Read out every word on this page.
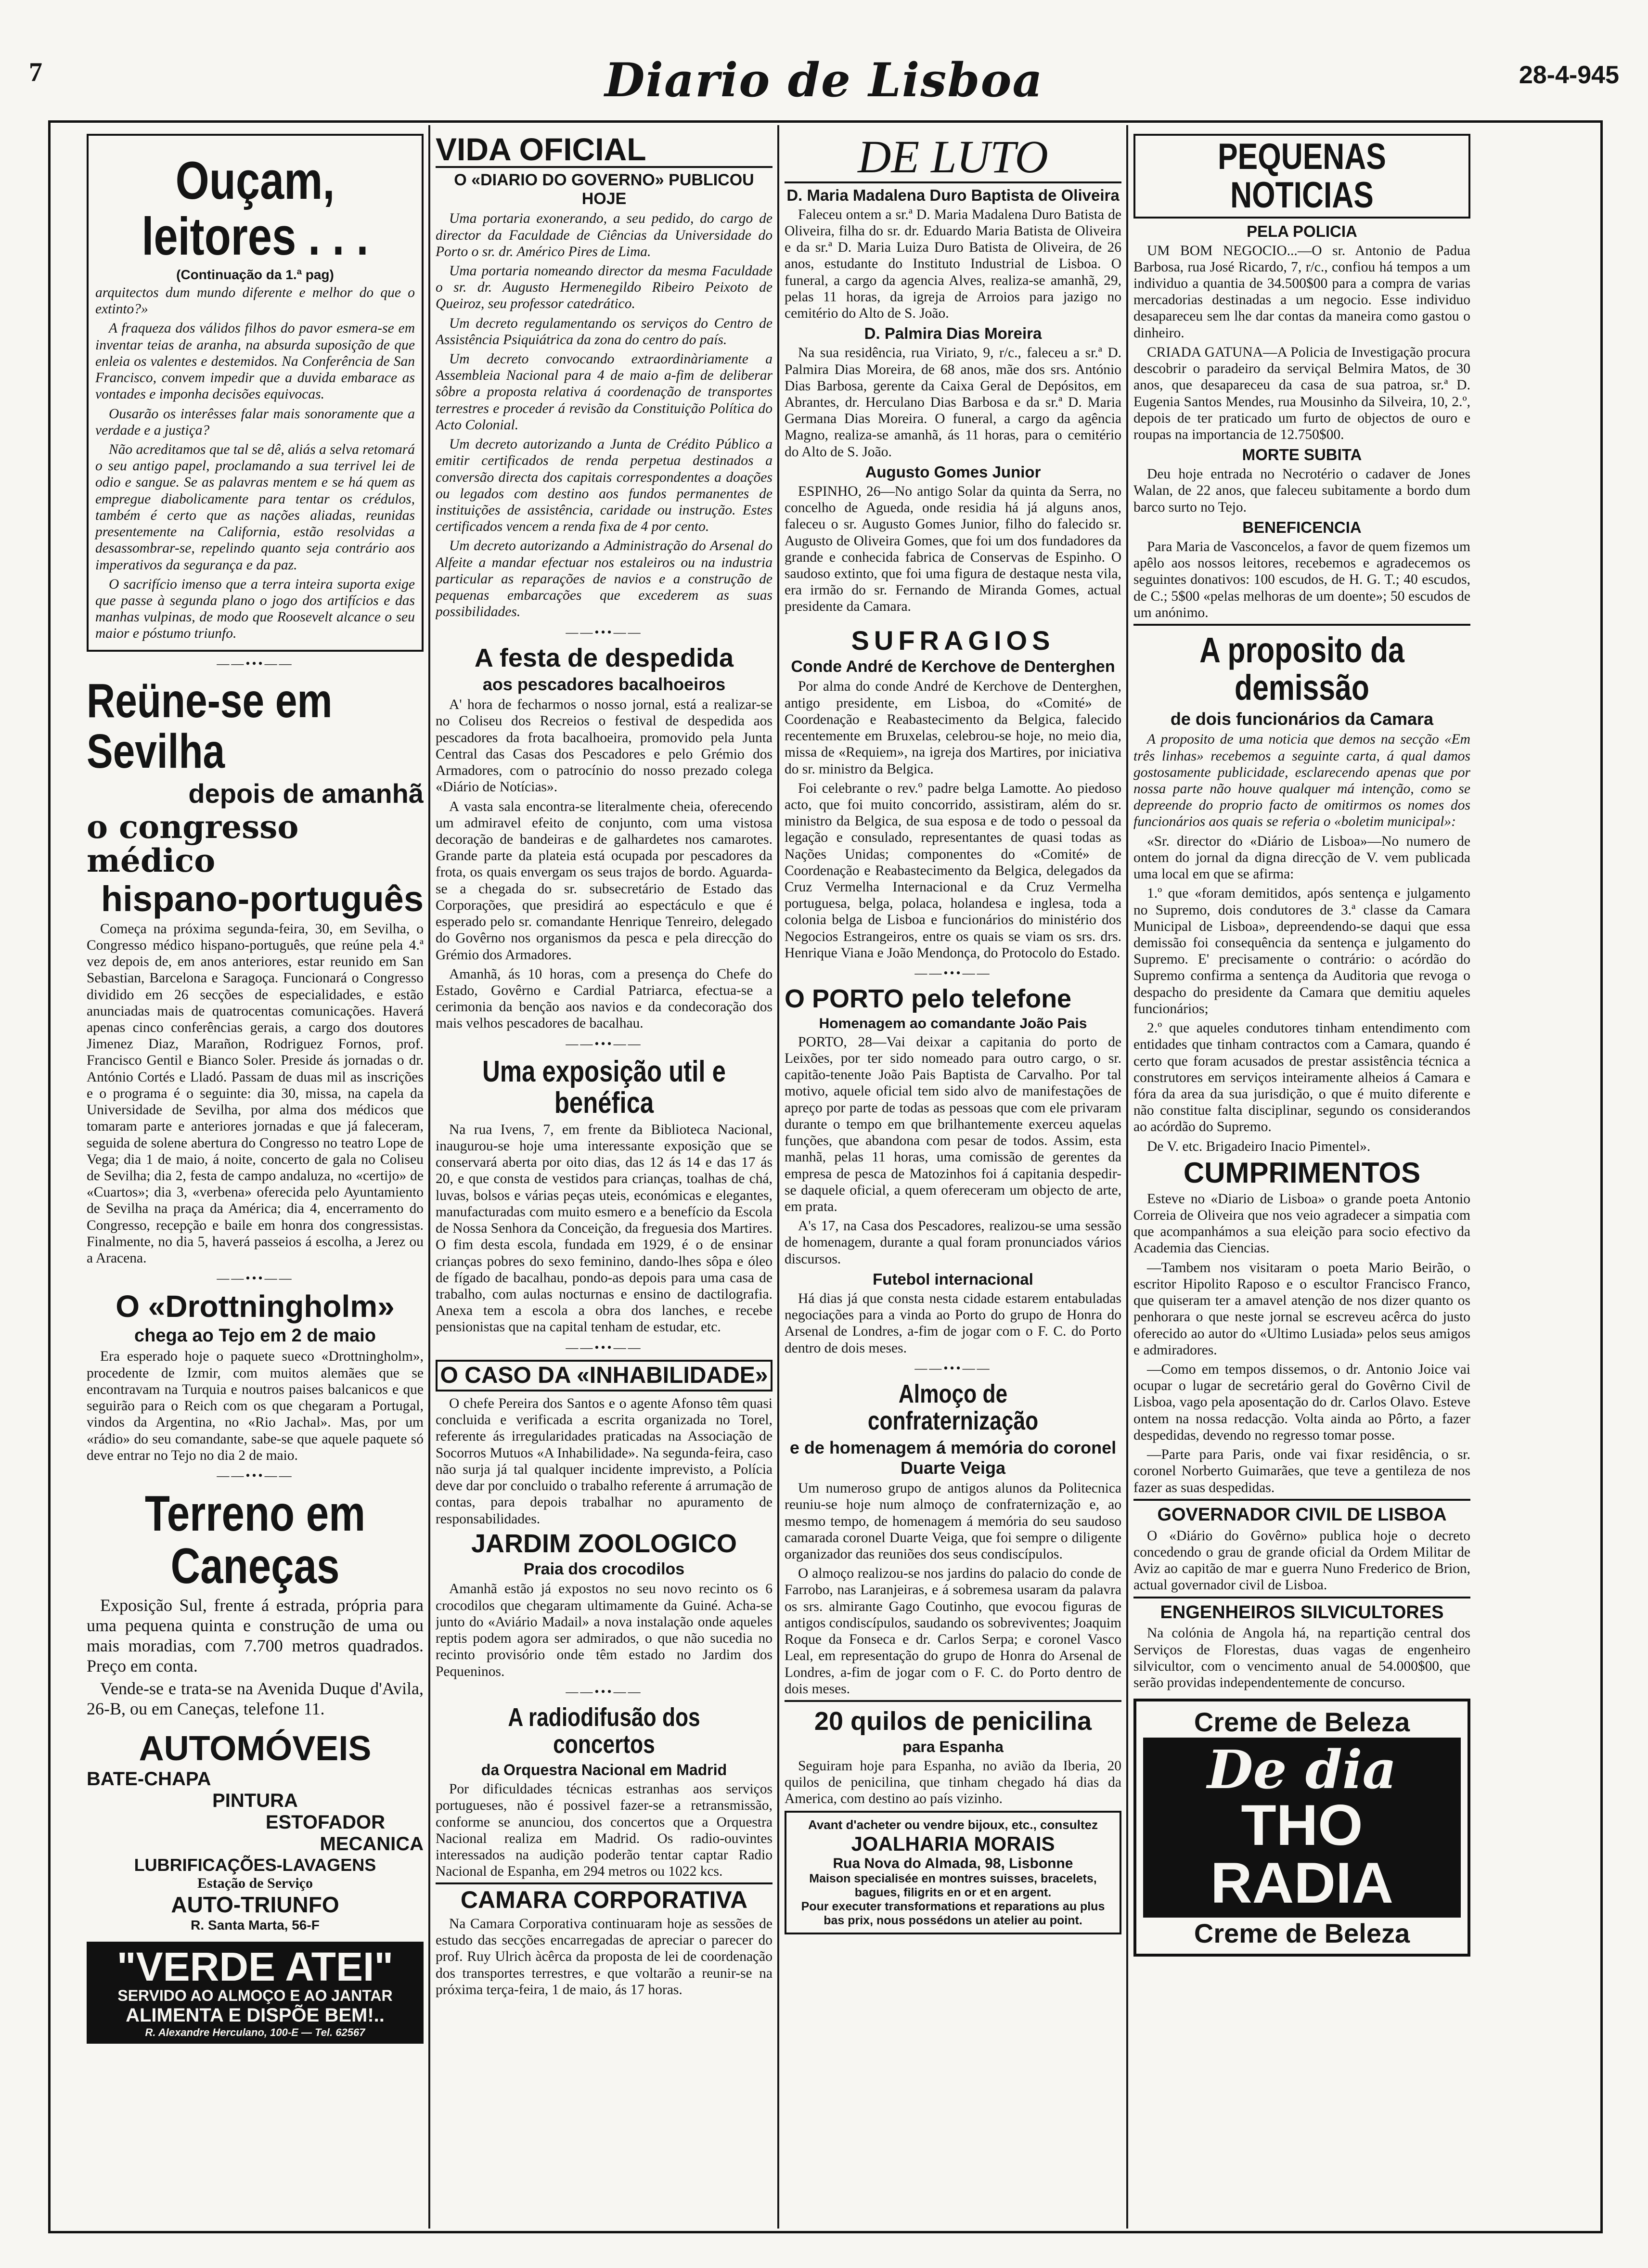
7	Diario de Lisboa	28-4-945
Ouçam, leitores . . .
(Continuação da 1.ª pag)

arquitectos dum mundo diferente e melhor do que o extinto?»

A fraqueza dos válidos filhos do pavor esmera-se em inventar teias de aranha, na absurda suposição de que enleia os valentes e destemidos. Na Conferência de San Francisco, convem impedir que a duvida embarace as vontades e imponha decisões equivocas.

Ousarão os interêsses falar mais sonoramente que a verdade e a justiça?

Não acreditamos que tal se dê, aliás a selva retomará o seu antigo papel, proclamando a sua terrivel lei de odio e sangue. Se as palavras mentem e se há quem as empregue diabolicamente para tentar os crédulos, também é certo que as nações aliadas, reunidas presentemente na California, estão resolvidas a desassombrar-se, repelindo quanto seja contrário aos imperativos da segurança e da paz.

O sacrifício imenso que a terra inteira suporta exige que passe à segunda plano o jogo dos artifícios e das manhas vulpinas, de modo que Roosevelt alcance o seu maior e póstumo triunfo.

——•••——
Reüne-se em Sevilha
depois de amanhã
o congresso médico
hispano-português

Começa na próxima segunda-feira, 30, em Sevilha, o Congresso médico hispano-português, que reúne pela 4.ª vez depois de, em anos anteriores, estar reunido em San Sebastian, Barcelona e Saragoça. Funcionará o Congresso dividido em 26 secções de especialidades, e estão anunciadas mais de quatrocentas comunicações. Haverá apenas cinco conferências gerais, a cargo dos doutores Jimenez Diaz, Marañon, Rodriguez Fornos, prof. Francisco Gentil e Bianco Soler. Preside ás jornadas o dr. António Cortés e Lladó. Passam de duas mil as inscrições e o programa é o seguinte: dia 30, missa, na capela da Universidade de Sevilha, por alma dos médicos que tomaram parte e anteriores jornadas e que já faleceram, seguida de solene abertura do Congresso no teatro Lope de Vega; dia 1 de maio, á noite, concerto de gala no Coliseu de Sevilha; dia 2, festa de campo andaluza, no «certijo» de «Cuartos»; dia 3, «verbena» oferecida pelo Ayuntamiento de Sevilha na praça da América; dia 4, encerramento do Congresso, recepção e baile em honra dos congressistas. Finalmente, no dia 5, haverá passeios á escolha, a Jerez ou a Aracena.

——•••——
O «Drottningholm»
chega ao Tejo em 2 de maio

Era esperado hoje o paquete sueco «Drottningholm», procedente de Izmir, com muitos alemães que se encontravam na Turquia e noutros paises balcanicos e que seguirão para o Reich com os que chegaram a Portugal, vindos da Argentina, no «Rio Jachal». Mas, por um «rádio» do seu comandante, sabe-se que aquele paquete só deve entrar no Tejo no dia 2 de maio.

——•••——
Terreno em Caneças

Exposição Sul, frente á estrada, própria para uma pequena quinta e construção de uma ou mais moradias, com 7.700 metros quadrados. Preço em conta.

Vende-se e trata-se na Avenida Duque d'Avila, 26-B, ou em Caneças, telefone 11.

AUTOMÓVEIS
BATE-CHAPA
PINTURA
ESTOFADOR
MECANICA
LUBRIFICAÇÕES-LAVAGENS
Estação de Serviço
AUTO-TRIUNFO
R. Santa Marta, 56-F
"VERDE ATEI"
SERVIDO AO ALMOÇO E AO JANTAR
ALIMENTA E DISPÕE BEM!..
R. Alexandre Herculano, 100-E — Tel. 62567
VIDA OFICIAL
O «DIARIO DO GOVERNO» PUBLICOU HOJE

Uma portaria exonerando, a seu pedido, do cargo de director da Faculdade de Ciências da Universidade do Porto o sr. dr. Américo Pires de Lima.

Uma portaria nomeando director da mesma Faculdade o sr. dr. Augusto Hermenegildo Ribeiro Peixoto de Queiroz, seu professor catedrático.

Um decreto regulamentando os serviços do Centro de Assistência Psiquiátrica da zona do centro do país.

Um decreto convocando extraordinàriamente a Assembleia Nacional para 4 de maio a-fim de deliberar sôbre a proposta relativa á coordenação de transportes terrestres e proceder á revisão da Constituição Política do Acto Colonial.

Um decreto autorizando a Junta de Crédito Público a emitir certificados de renda perpetua destinados a conversão directa dos capitais correspondentes a doações ou legados com destino aos fundos permanentes de instituições de assistência, caridade ou instrução. Estes certificados vencem a renda fixa de 4 por cento.

Um decreto autorizando a Administração do Arsenal do Alfeite a mandar efectuar nos estaleiros ou na industria particular as reparações de navios e a construção de pequenas embarcações que excederem as suas possibilidades.

——•••——
A festa de despedida
aos pescadores bacalhoeiros

A' hora de fecharmos o nosso jornal, está a realizar-se no Coliseu dos Recreios o festival de despedida aos pescadores da frota bacalhoeira, promovido pela Junta Central das Casas dos Pescadores e pelo Grémio dos Armadores, com o patrocínio do nosso prezado colega «Diário de Notícias».

A vasta sala encontra-se literalmente cheia, oferecendo um admiravel efeito de conjunto, com uma vistosa decoração de bandeiras e de galhardetes nos camarotes. Grande parte da plateia está ocupada por pescadores da frota, os quais envergam os seus trajos de bordo. Aguarda-se a chegada do sr. subsecretário de Estado das Corporações, que presidirá ao espectáculo e que é esperado pelo sr. comandante Henrique Tenreiro, delegado do Govêrno nos organismos da pesca e pela direcção do Grémio dos Armadores.

Amanhã, ás 10 horas, com a presença do Chefe do Estado, Govêrno e Cardial Patriarca, efectua-se a cerimonia da benção aos navios e da condecoração dos mais velhos pescadores de bacalhau.

——•••——
Uma exposição util e benéfica

Na rua Ivens, 7, em frente da Biblioteca Nacional, inaugurou-se hoje uma interessante exposição que se conservará aberta por oito dias, das 12 ás 14 e das 17 ás 20, e que consta de vestidos para crianças, toalhas de chá, luvas, bolsos e várias peças uteis, económicas e elegantes, manufacturadas com muito esmero e a benefício da Escola de Nossa Senhora da Conceição, da freguesia dos Martires. O fim desta escola, fundada em 1929, é o de ensinar crianças pobres do sexo feminino, dando-lhes sôpa e óleo de fígado de bacalhau, pondo-as depois para uma casa de trabalho, com aulas nocturnas e ensino de dactilografia. Anexa tem a escola a obra dos lanches, e recebe pensionistas que na capital tenham de estudar, etc.

——•••——
O CASO DA «INHABILIDADE»

O chefe Pereira dos Santos e o agente Afonso têm quasi concluida e verificada a escrita organizada no Torel, referente ás irregularidades praticadas na Associação de Socorros Mutuos «A Inhabilidade». Na segunda-feira, caso não surja já tal qualquer incidente imprevisto, a Polícia deve dar por concluido o trabalho referente á arrumação de contas, para depois trabalhar no apuramento de responsabilidades.

JARDIM ZOOLOGICO
Praia dos crocodilos

Amanhã estão já expostos no seu novo recinto os 6 crocodilos que chegaram ultimamente da Guiné. Acha-se junto do «Aviário Madail» a nova instalação onde aqueles reptis podem agora ser admirados, o que não sucedia no recinto provisório onde têm estado no Jardim dos Pequeninos.

——•••——
A radiodifusão dos concertos
da Orquestra Nacional em Madrid

Por dificuldades técnicas estranhas aos serviços portugueses, não é possivel fazer-se a retransmissão, conforme se anunciou, dos concertos que a Orquestra Nacional realiza em Madrid. Os radio-ouvintes interessados na audição poderão tentar captar Radio Nacional de Espanha, em 294 metros ou 1022 kcs.

CAMARA CORPORATIVA

Na Camara Corporativa continuaram hoje as sessões de estudo das secções encarregadas de apreciar o parecer do prof. Ruy Ulrich àcêrca da proposta de lei de coordenação dos transportes terrestres, e que voltarão a reunir-se na próxima terça-feira, 1 de maio, ás 17 horas.

DE LUTO
D. Maria Madalena Duro Baptista de Oliveira

Faleceu ontem a sr.ª D. Maria Madalena Duro Batista de Oliveira, filha do sr. dr. Eduardo Maria Batista de Oliveira e da sr.ª D. Maria Luiza Duro Batista de Oliveira, de 26 anos, estudante do Instituto Industrial de Lisboa. O funeral, a cargo da agencia Alves, realiza-se amanhã, 29, pelas 11 horas, da igreja de Arroios para jazigo no cemitério do Alto de S. João.

D. Palmira Dias Moreira

Na sua residência, rua Viriato, 9, r/c., faleceu a sr.ª D. Palmira Dias Moreira, de 68 anos, mãe dos srs. António Dias Barbosa, gerente da Caixa Geral de Depósitos, em Abrantes, dr. Herculano Dias Barbosa e da sr.ª D. Maria Germana Dias Moreira. O funeral, a cargo da agência Magno, realiza-se amanhã, ás 11 horas, para o cemitério do Alto de S. João.

Augusto Gomes Junior

ESPINHO, 26—No antigo Solar da quinta da Serra, no concelho de Agueda, onde residia há já alguns anos, faleceu o sr. Augusto Gomes Junior, filho do falecido sr. Augusto de Oliveira Gomes, que foi um dos fundadores da grande e conhecida fabrica de Conservas de Espinho. O saudoso extinto, que foi uma figura de destaque nesta vila, era irmão do sr. Fernando de Miranda Gomes, actual presidente da Camara.

SUFRAGIOS
Conde André de Kerchove de Denterghen

Por alma do conde André de Kerchove de Denterghen, antigo presidente, em Lisboa, do «Comité» de Coordenação e Reabastecimento da Belgica, falecido recentemente em Bruxelas, celebrou-se hoje, no meio dia, missa de «Requiem», na igreja dos Martires, por iniciativa do sr. ministro da Belgica.

Foi celebrante o rev.º padre belga Lamotte. Ao piedoso acto, que foi muito concorrido, assistiram, além do sr. ministro da Belgica, de sua esposa e de todo o pessoal da legação e consulado, representantes de quasi todas as Nações Unidas; componentes do «Comité» de Coordenação e Reabastecimento da Belgica, delegados da Cruz Vermelha Internacional e da Cruz Vermelha portuguesa, belga, polaca, holandesa e inglesa, toda a colonia belga de Lisboa e funcionários do ministério dos Negocios Estrangeiros, entre os quais se viam os srs. drs. Henrique Viana e João Mendonça, do Protocolo do Estado.

——•••——
O PORTO pelo telefone
Homenagem ao comandante João Pais

PORTO, 28—Vai deixar a capitania do porto de Leixões, por ter sido nomeado para outro cargo, o sr. capitão-tenente João Pais Baptista de Carvalho. Por tal motivo, aquele oficial tem sido alvo de manifestações de apreço por parte de todas as pessoas que com ele privaram durante o tempo em que brilhantemente exerceu aquelas funções, que abandona com pesar de todos. Assim, esta manhã, pelas 11 horas, uma comissão de gerentes da empresa de pesca de Matozinhos foi á capitania despedir-se daquele oficial, a quem ofereceram um objecto de arte, em prata.

A's 17, na Casa dos Pescadores, realizou-se uma sessão de homenagem, durante a qual foram pronunciados vários discursos.

Futebol internacional

Há dias já que consta nesta cidade estarem entabuladas negociações para a vinda ao Porto do grupo de Honra do Arsenal de Londres, a-fim de jogar com o F. C. do Porto dentro de dois meses.

——•••——
Almoço de confraternização
e de homenagem á memória do coronel Duarte Veiga

Um numeroso grupo de antigos alunos da Politecnica reuniu-se hoje num almoço de confraternização e, ao mesmo tempo, de homenagem á memória do seu saudoso camarada coronel Duarte Veiga, que foi sempre o diligente organizador das reuniões dos seus condiscípulos.

O almoço realizou-se nos jardins do palacio do conde de Farrobo, nas Laranjeiras, e á sobremesa usaram da palavra os srs. almirante Gago Coutinho, que evocou figuras de antigos condiscípulos, saudando os sobreviventes; Joaquim Roque da Fonseca e dr. Carlos Serpa; e coronel Vasco Leal, em representação do grupo de Honra do Arsenal de Londres, a-fim de jogar com o F. C. do Porto dentro de dois meses.

20 quilos de penicilina
para Espanha

Seguiram hoje para Espanha, no avião da Iberia, 20 quilos de penicilina, que tinham chegado há dias da America, com destino ao país vizinho.

Avant d'acheter ou vendre bijoux, etc., consultez
JOALHARIA MORAIS
Rua Nova do Almada, 98, Lisbonne
Maison specialisée en montres suisses, bracelets, bagues, filigrits en or et en argent.
Pour executer transformations et reparations au plus bas prix, nous possédons un atelier au point.
PEQUENAS NOTICIAS
PELA POLICIA

UM BOM NEGOCIO...—O sr. Antonio de Padua Barbosa, rua José Ricardo, 7, r/c., confiou há tempos a um individuo a quantia de 34.500$00 para a compra de varias mercadorias destinadas a um negocio. Esse individuo desapareceu sem lhe dar contas da maneira como gastou o dinheiro.

CRIADA GATUNA—A Policia de Investigação procura descobrir o paradeiro da serviçal Belmira Matos, de 30 anos, que desapareceu da casa de sua patroa, sr.ª D. Eugenia Santos Mendes, rua Mousinho da Silveira, 10, 2.º, depois de ter praticado um furto de objectos de ouro e roupas na importancia de 12.750$00.

MORTE SUBITA

Deu hoje entrada no Necrotério o cadaver de Jones Walan, de 22 anos, que faleceu subitamente a bordo dum barco surto no Tejo.

BENEFICENCIA

Para Maria de Vasconcelos, a favor de quem fizemos um apêlo aos nossos leitores, recebemos e agradecemos os seguintes donativos: 100 escudos, de H. G. T.; 40 escudos, de C.; 5$00 «pelas melhoras de um doente»; 50 escudos de um anónimo.

A proposito da demissão
de dois funcionários da Camara

A proposito de uma noticia que demos na secção «Em três linhas» recebemos a seguinte carta, á qual damos gostosamente publicidade, esclarecendo apenas que por nossa parte não houve qualquer má intenção, como se depreende do proprio facto de omitirmos os nomes dos funcionários aos quais se referia o «boletim municipal»:

«Sr. director do «Diário de Lisboa»—No numero de ontem do jornal da digna direcção de V. vem publicada uma local em que se afirma:

1.º que «foram demitidos, após sentença e julgamento no Supremo, dois condutores de 3.ª classe da Camara Municipal de Lisboa», depreendendo-se daqui que essa demissão foi consequência da sentença e julgamento do Supremo. E' precisamente o contrário: o acórdão do Supremo confirma a sentença da Auditoria que revoga o despacho do presidente da Camara que demitiu aqueles funcionários;

2.º que aqueles condutores tinham entendimento com entidades que tinham contractos com a Camara, quando é certo que foram acusados de prestar assistência técnica a construtores em serviços inteiramente alheios á Camara e fóra da area da sua jurisdição, o que é muito diferente e não constitue falta disciplinar, segundo os considerandos ao acórdão do Supremo.

De V. etc. Brigadeiro Inacio Pimentel».

CUMPRIMENTOS

Esteve no «Diario de Lisboa» o grande poeta Antonio Correia de Oliveira que nos veio agradecer a simpatia com que acompanhámos a sua eleição para socio efectivo da Academia das Ciencias.

—Tambem nos visitaram o poeta Mario Beirão, o escritor Hipolito Raposo e o escultor Francisco Franco, que quiseram ter a amavel atenção de nos dizer quanto os penhorara o que neste jornal se escreveu acêrca do justo oferecido ao autor do «Ultimo Lusiada» pelos seus amigos e admiradores.

—Como em tempos dissemos, o dr. Antonio Joice vai ocupar o lugar de secretário geral do Govêrno Civil de Lisboa, vago pela aposentação do dr. Carlos Olavo. Esteve ontem na nossa redacção. Volta ainda ao Pôrto, a fazer despedidas, devendo no regresso tomar posse.

—Parte para Paris, onde vai fixar residência, o sr. coronel Norberto Guimarães, que teve a gentileza de nos fazer as suas despedidas.

GOVERNADOR CIVIL DE LISBOA

O «Diário do Govêrno» publica hoje o decreto concedendo o grau de grande oficial da Ordem Militar de Aviz ao capitão de mar e guerra Nuno Frederico de Brion, actual governador civil de Lisboa.

ENGENHEIROS SILVICULTORES

Na colónia de Angola há, na repartição central dos Serviços de Florestas, duas vagas de engenheiro silvicultor, com o vencimento anual de 54.000$00, que serão providas independentemente de concurso.

Creme de Beleza
De dia
THO
RADIA
Creme de Beleza
